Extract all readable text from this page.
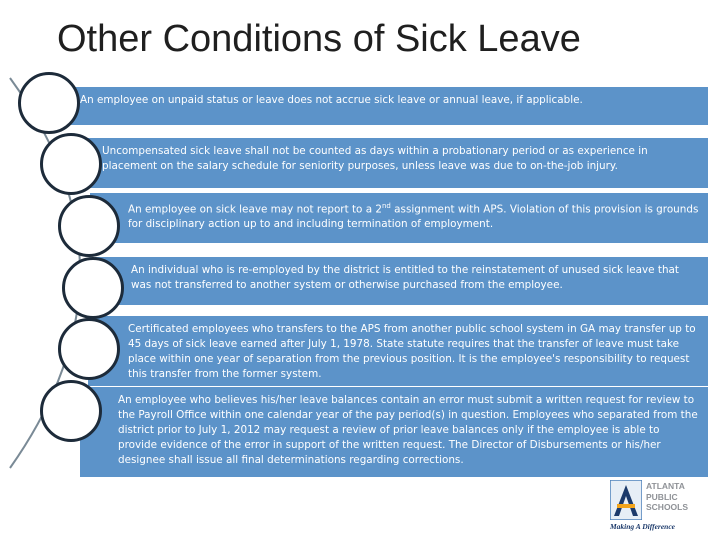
Other Conditions of Sick Leave

An employee on unpaid status or leave does not accrue sick leave or annual leave, if applicable.

Uncompensated sick leave shall not be counted as days within a probationary period or as experience in placement on the salary schedule for seniority purposes, unless leave was due to on-the-job injury.

An employee on sick leave may not report to a 2nd assignment with APS. Violation of this provision is grounds for disciplinary action up to and including termination of employment.

An individual who is re-employed by the district is entitled to the reinstatement of unused sick leave that was not transferred to another system or otherwise purchased from the employee.

Certificated employees who transfers to the APS from another public school system in GA may transfer up to 45 days of sick leave earned after July 1, 1978. State statute requires that the transfer of leave must take place within one year of separation from the previous position. It is the employee's responsibility to request this transfer from the former system.

An employee who believes his/her leave balances contain an error must submit a written request for review to the Payroll Office within one calendar year of the pay period(s) in question. Employees who separated from the district prior to July 1, 2012 may request a review of prior leave balances only if the employee is able to provide evidence of the error in support of the written request. The Director of Disbursements or his/her designee shall issue all final determinations regarding corrections.

ATLANTA
PUBLIC
SCHOOLS
Making A Difference
